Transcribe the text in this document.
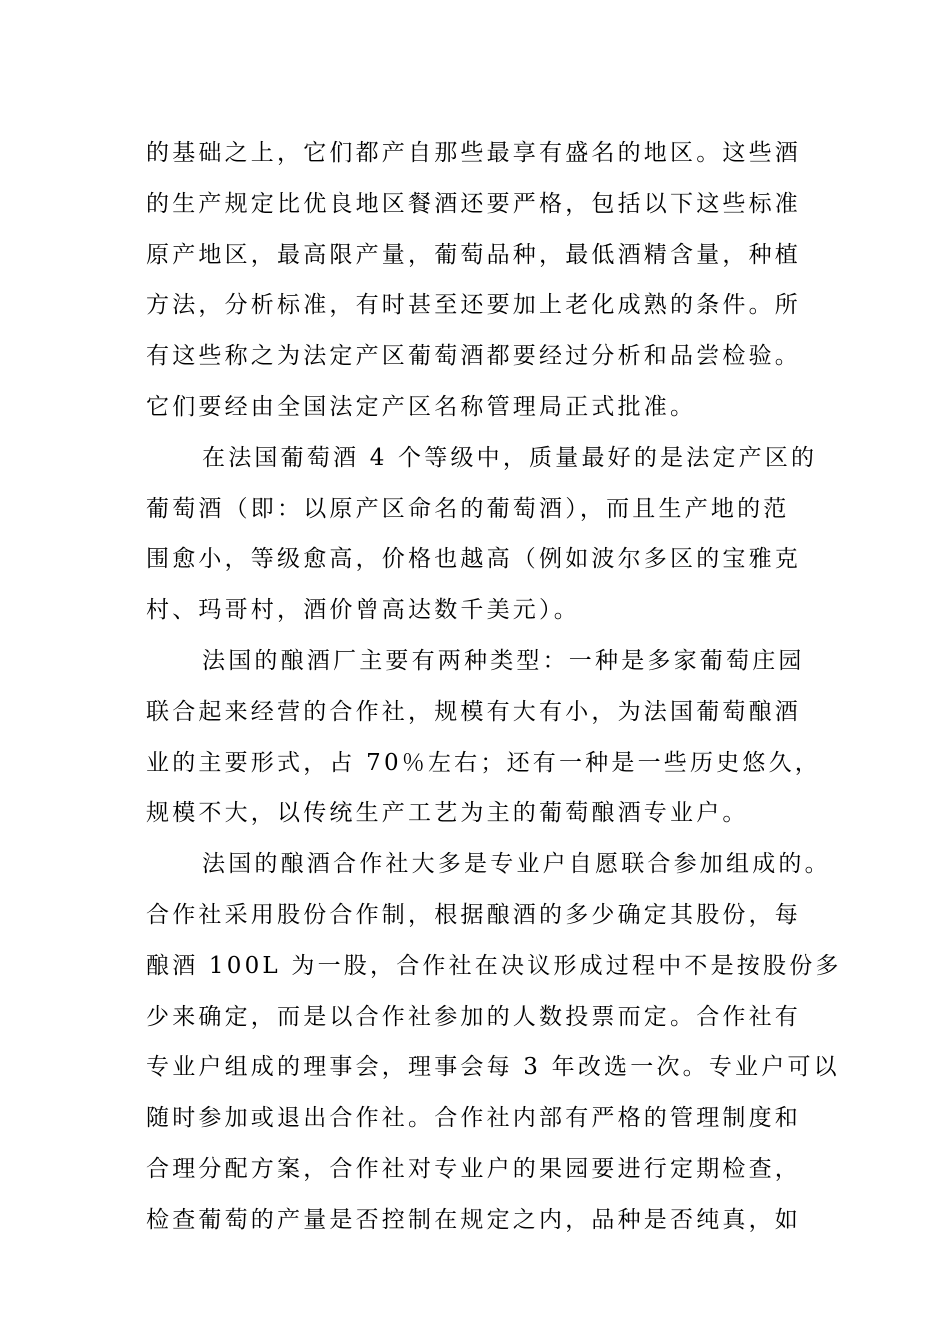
的基础之上，它们都产自那些最享有盛名的地区。这些酒
的生产规定比优良地区餐酒还要严格，包括以下这些标准
原产地区，最高限产量，葡萄品种，最低酒精含量，种植
方法，分析标准，有时甚至还要加上老化成熟的条件。所
有这些称之为法定产区葡萄酒都要经过分析和品尝检验。
它们要经由全国法定产区名称管理局正式批准。
在法国葡萄酒 4 个等级中，质量最好的是法定产区的
葡萄酒（即：以原产区命名的葡萄酒），而且生产地的范
围愈小，等级愈高，价格也越高（例如波尔多区的宝雅克
村、玛哥村，酒价曾高达数千美元）。
法国的酿酒厂主要有两种类型：一种是多家葡萄庄园
联合起来经营的合作社，规模有大有小，为法国葡萄酿酒
业的主要形式，占 70％左右；还有一种是一些历史悠久，
规模不大，以传统生产工艺为主的葡萄酿酒专业户。
法国的酿酒合作社大多是专业户自愿联合参加组成的。
合作社采用股份合作制，根据酿酒的多少确定其股份，每
酿酒 100L 为一股，合作社在决议形成过程中不是按股份多
少来确定，而是以合作社参加的人数投票而定。合作社有
专业户组成的理事会，理事会每 3 年改选一次。专业户可以
随时参加或退出合作社。合作社内部有严格的管理制度和
合理分配方案，合作社对专业户的果园要进行定期检查，
检查葡萄的产量是否控制在规定之内，品种是否纯真，如
